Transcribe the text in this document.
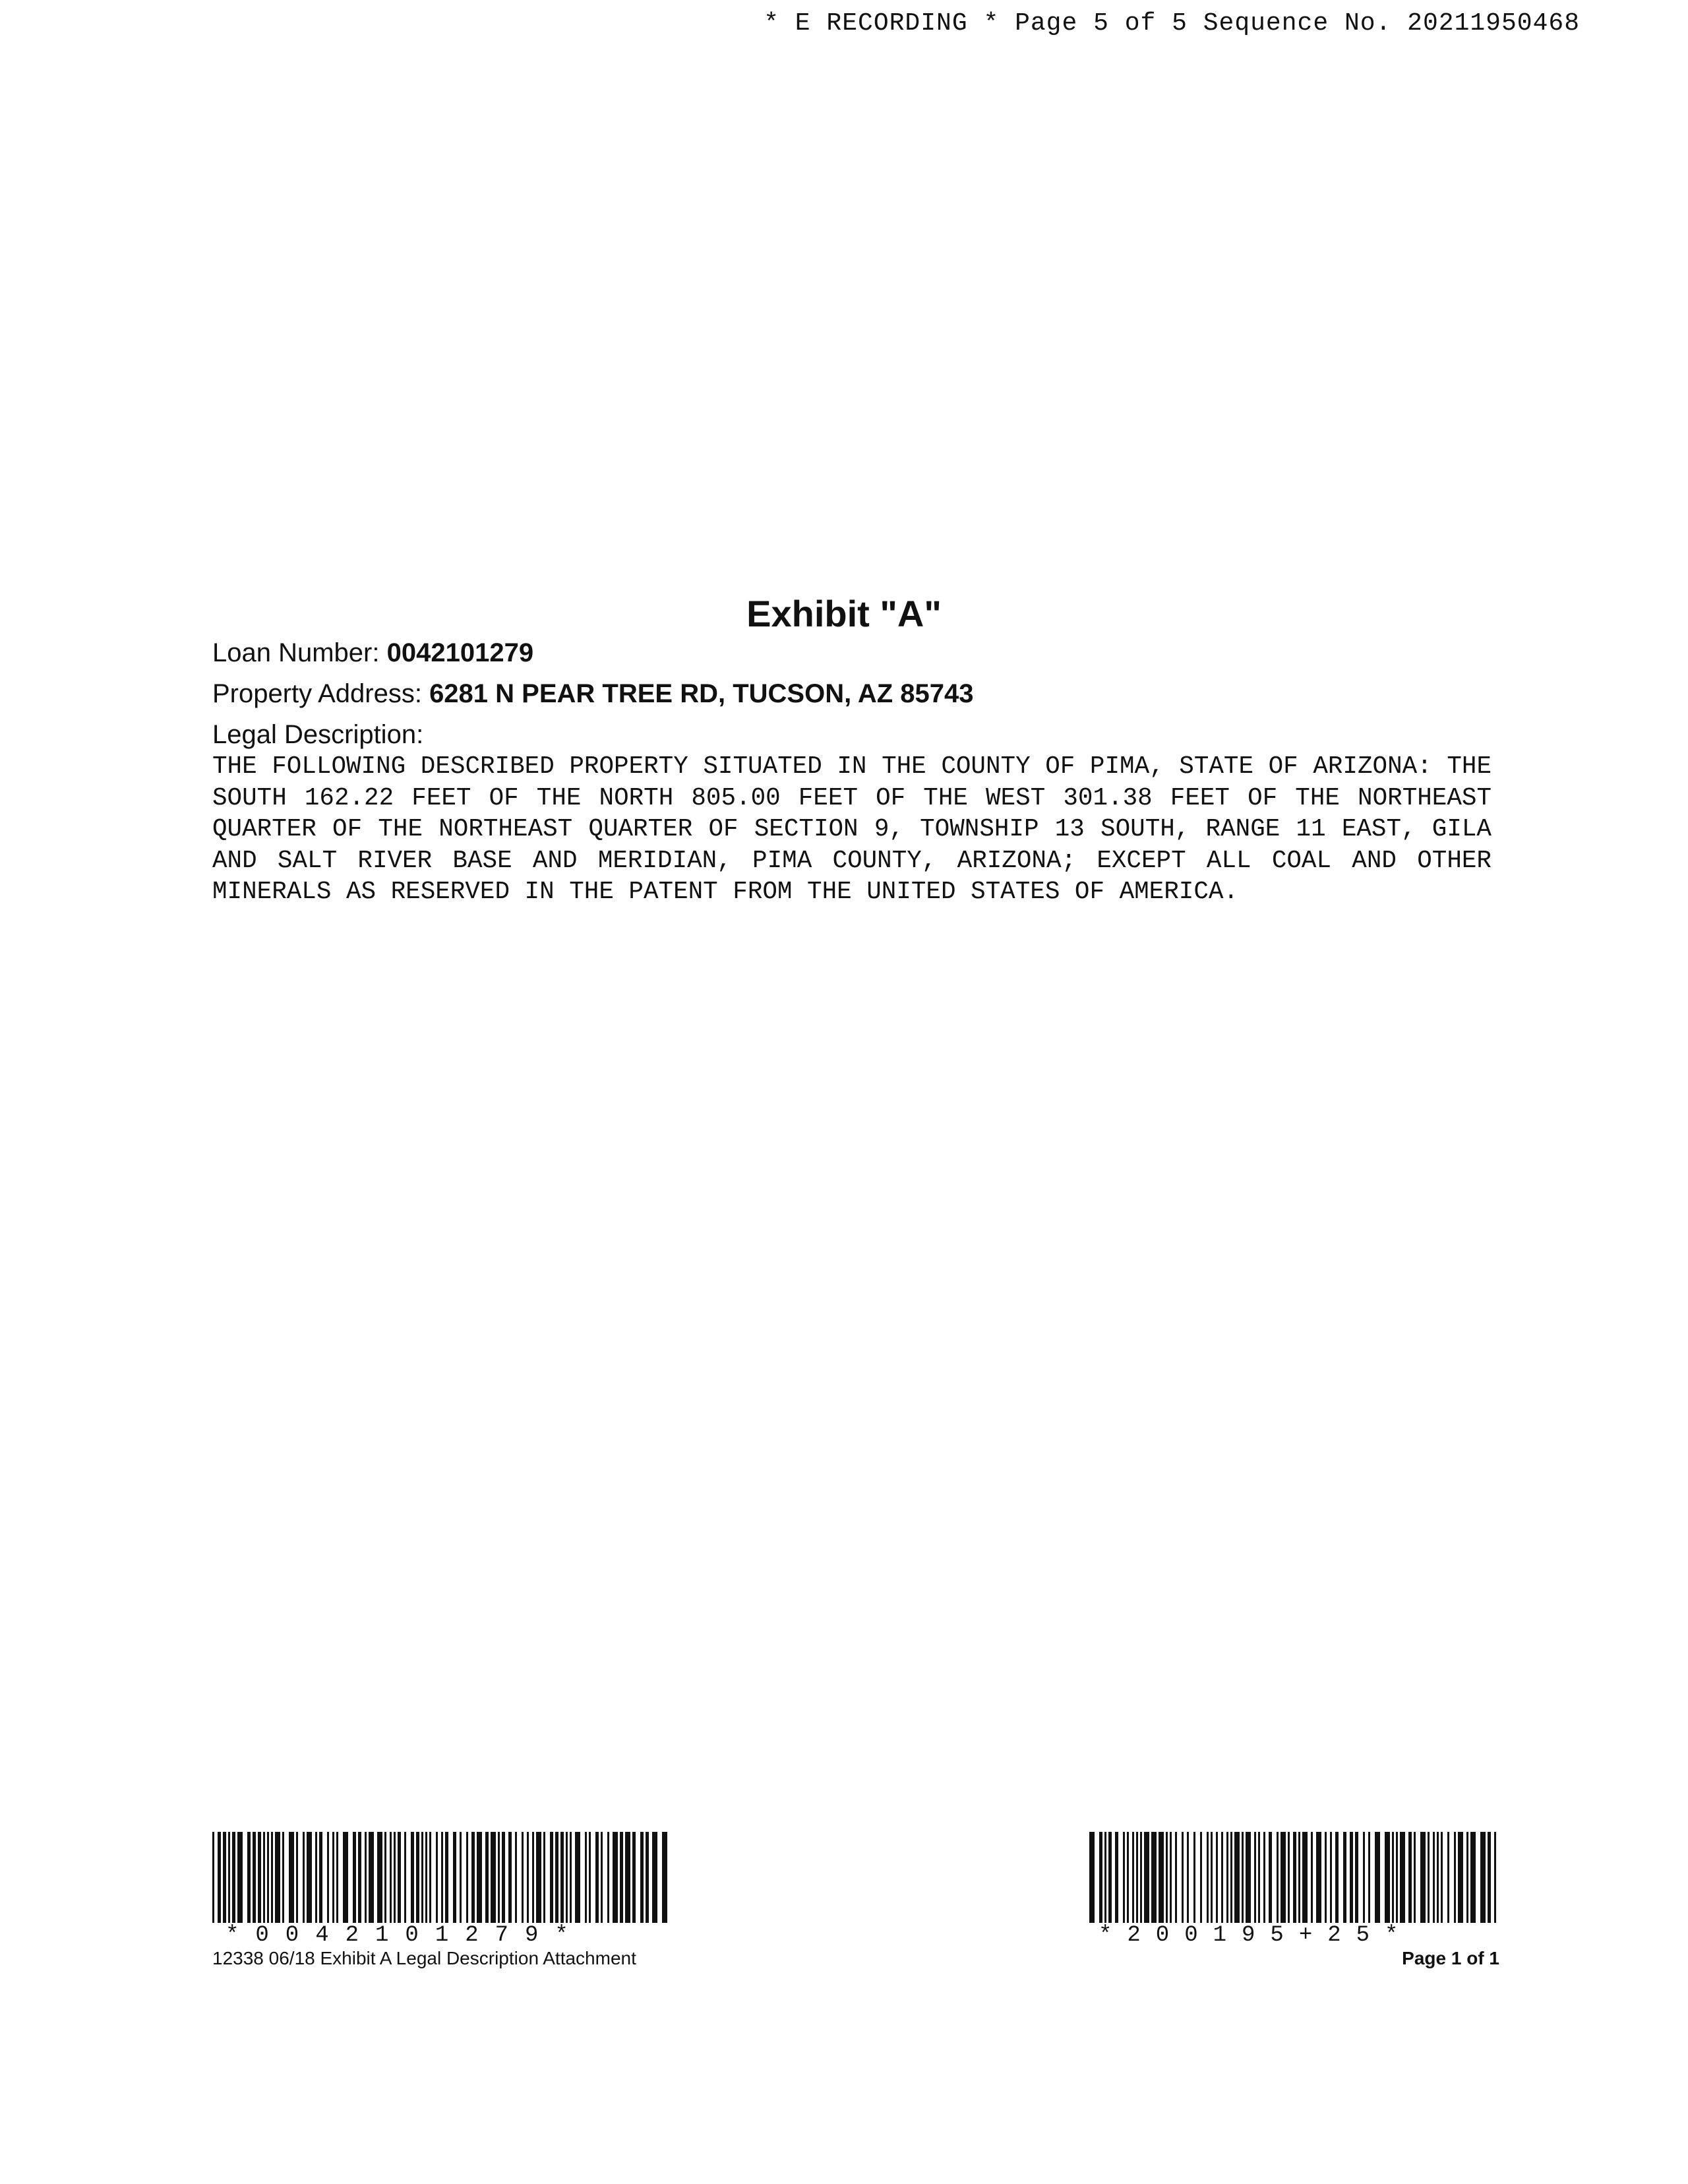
* E RECORDING * Page 5 of 5 Sequence No. 20211950468
Exhibit "A"
Loan Number: 0042101279
Property Address: 6281 N PEAR TREE RD, TUCSON, AZ 85743
Legal Description:

THE FOLLOWING DESCRIBED PROPERTY SITUATED IN THE COUNTY OF PIMA, STATE OF ARIZONA: THE SOUTH 162.22 FEET OF THE NORTH 805.00 FEET OF THE WEST 301.38 FEET OF THE NORTHEAST QUARTER OF THE NORTHEAST QUARTER OF SECTION 9, TOWNSHIP 13 SOUTH, RANGE 11 EAST, GILA AND SALT RIVER BASE AND MERIDIAN, PIMA COUNTY, ARIZONA; EXCEPT ALL COAL AND OTHER MINERALS AS RESERVED IN THE PATENT FROM THE UNITED STATES OF AMERICA.

*0042101279*
12338 06/18 Exhibit A Legal Description Attachment
*200195+25*
Page 1 of 1
